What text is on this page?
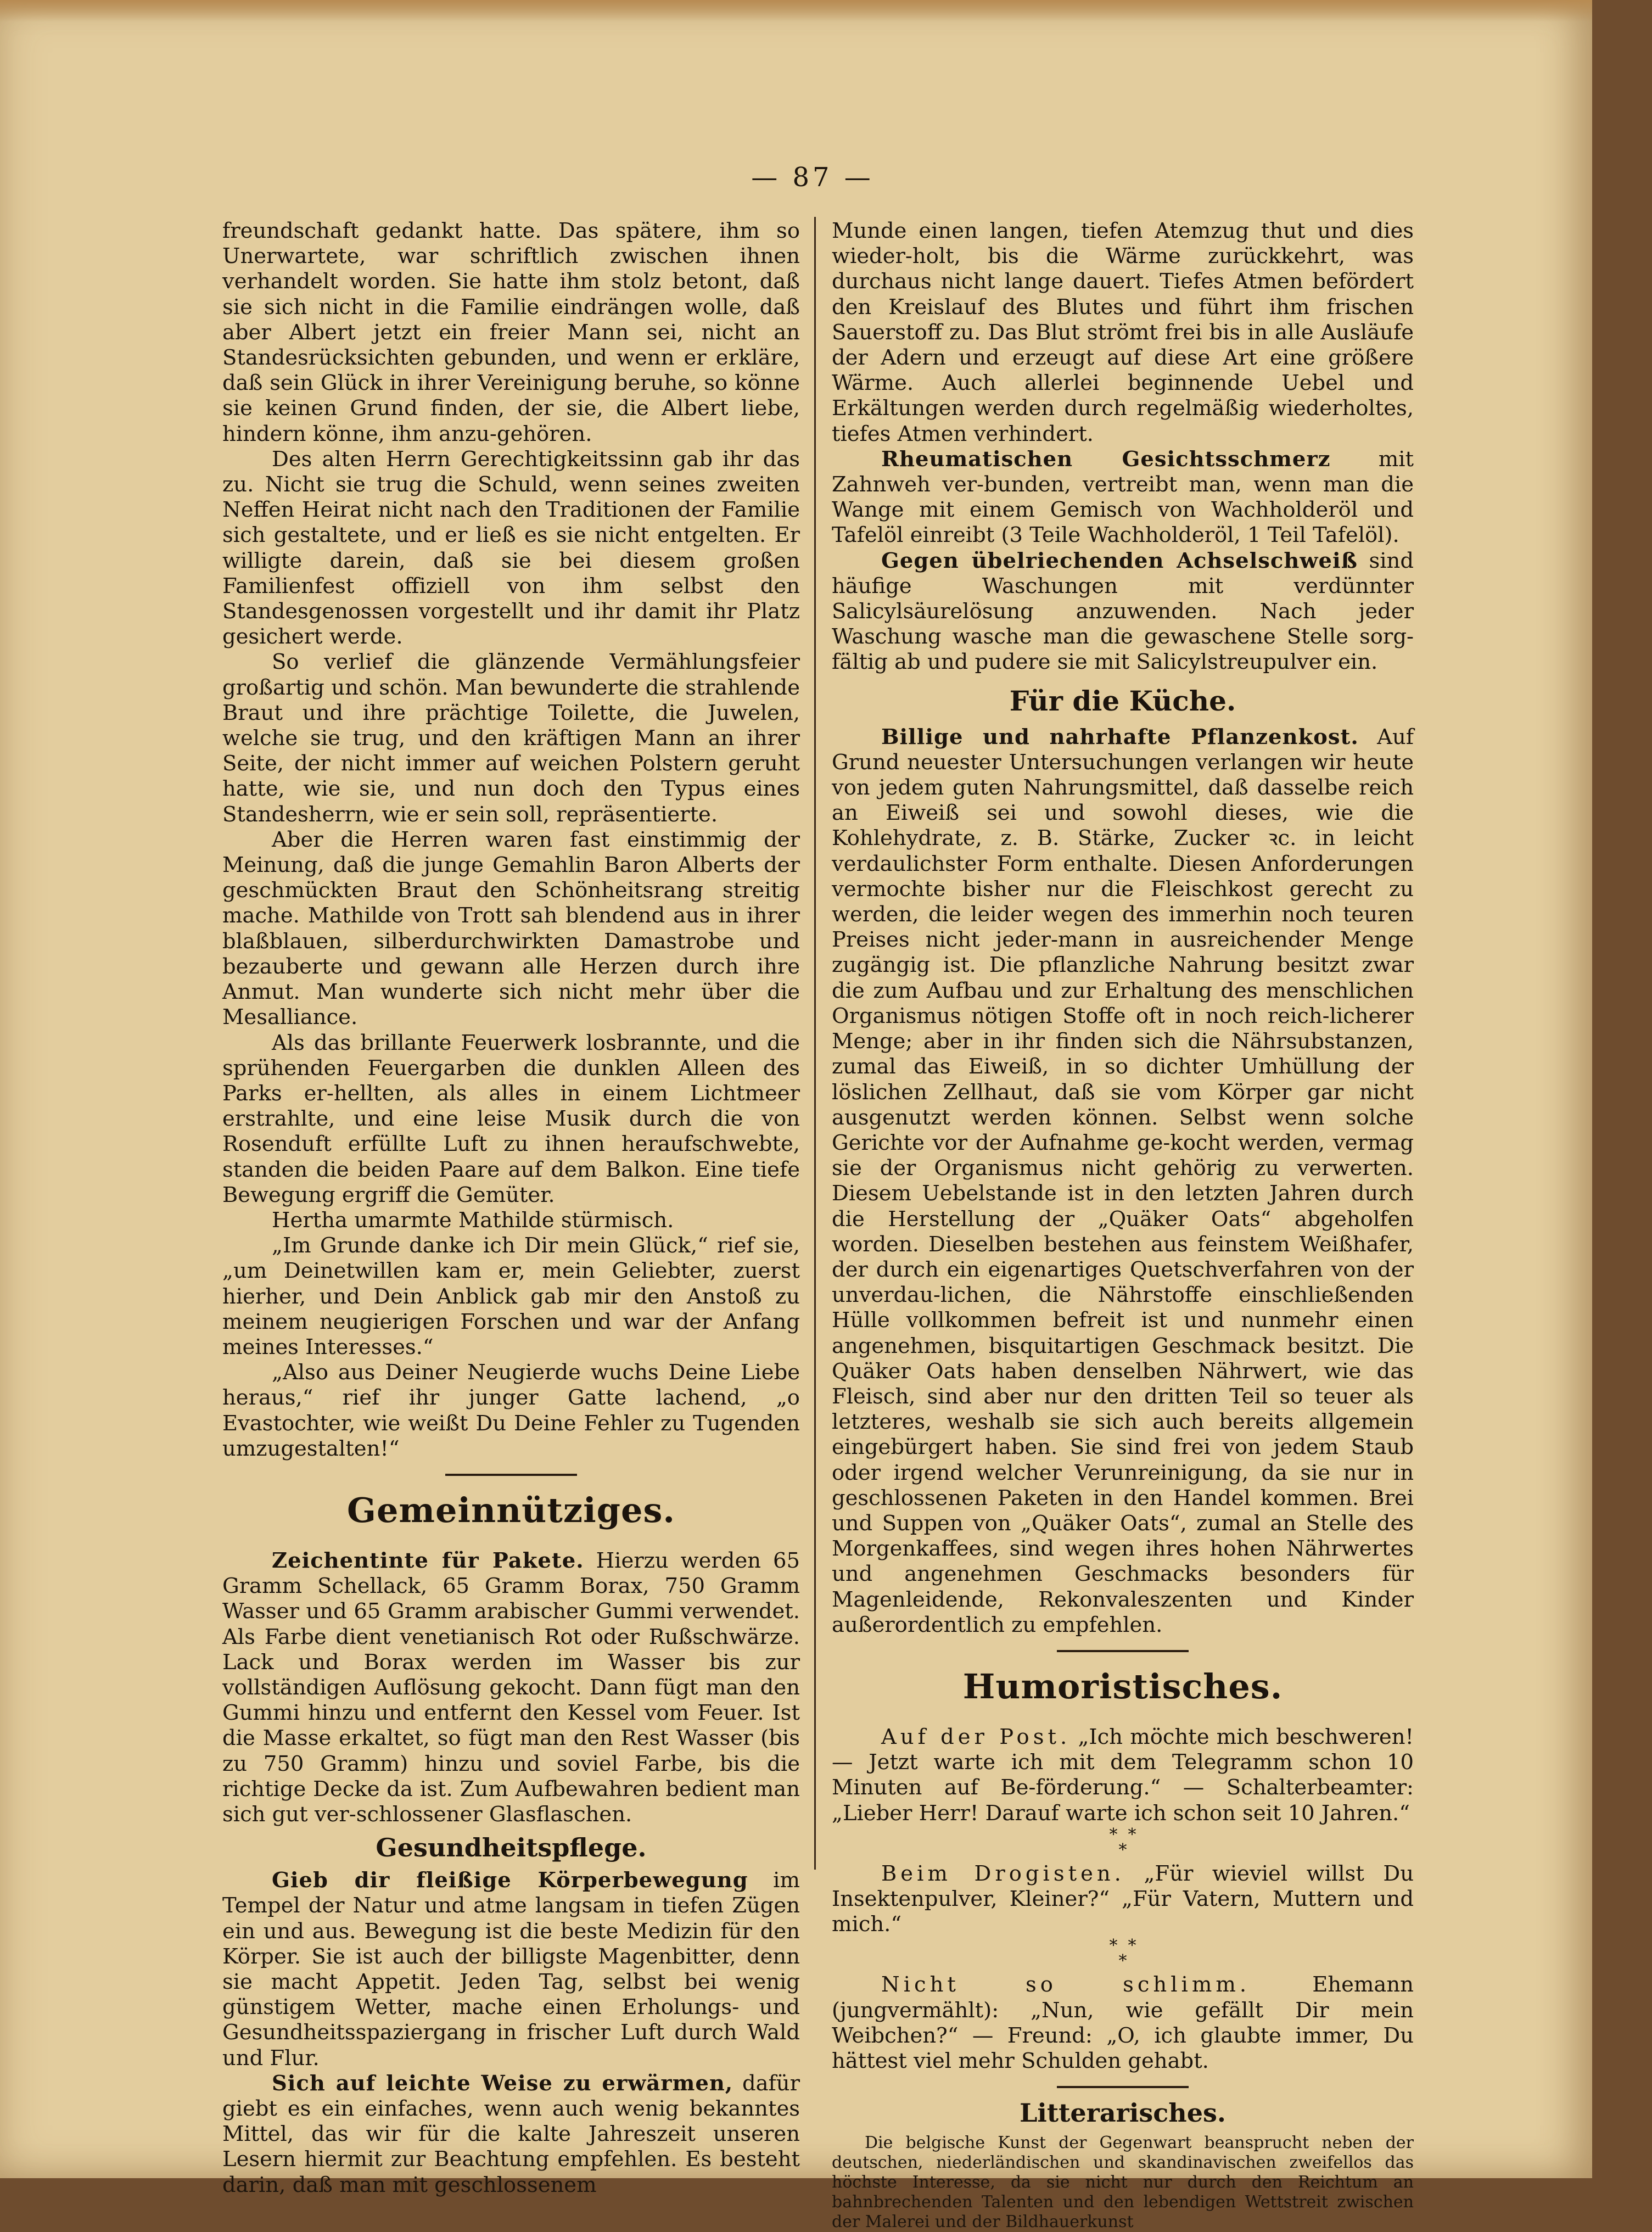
— 87 —

freundschaft gedankt hatte. Das spätere, ihm so Unerwartete, war schriftlich zwischen ihnen verhandelt worden. Sie hatte ihm stolz betont, daß sie sich nicht in die Familie eindrängen wolle, daß aber Albert jetzt ein freier Mann sei, nicht an Standesrücksichten gebunden, und wenn er erkläre, daß sein Glück in ihrer Vereinigung beruhe, so könne sie keinen Grund finden, der sie, die Albert liebe, hindern könne, ihm anzu-gehören.

Des alten Herrn Gerechtigkeitssinn gab ihr das zu. Nicht sie trug die Schuld, wenn seines zweiten Neffen Heirat nicht nach den Traditionen der Familie sich gestaltete, und er ließ es sie nicht entgelten. Er willigte darein, daß sie bei diesem großen Familienfest offiziell von ihm selbst den Standesgenossen vorgestellt und ihr damit ihr Platz gesichert werde.

So verlief die glänzende Vermählungsfeier großartig und schön. Man bewunderte die strahlende Braut und ihre prächtige Toilette, die Juwelen, welche sie trug, und den kräftigen Mann an ihrer Seite, der nicht immer auf weichen Polstern geruht hatte, wie sie, und nun doch den Typus eines Standesherrn, wie er sein soll, repräsentierte.

Aber die Herren waren fast einstimmig der Meinung, daß die junge Gemahlin Baron Alberts der geschmückten Braut den Schönheitsrang streitig mache. Mathilde von Trott sah blendend aus in ihrer blaßblauen, silberdurchwirkten Damastrobe und bezauberte und gewann alle Herzen durch ihre Anmut. Man wunderte sich nicht mehr über die Mesalliance.

Als das brillante Feuerwerk losbrannte, und die sprühenden Feuergarben die dunklen Alleen des Parks er-hellten, als alles in einem Lichtmeer erstrahlte, und eine leise Musik durch die von Rosenduft erfüllte Luft zu ihnen heraufschwebte, standen die beiden Paare auf dem Balkon. Eine tiefe Bewegung ergriff die Gemüter.

Hertha umarmte Mathilde stürmisch.

„Im Grunde danke ich Dir mein Glück,“ rief sie, „um Deinetwillen kam er, mein Geliebter, zuerst hierher, und Dein Anblick gab mir den Anstoß zu meinem neugierigen Forschen und war der Anfang meines Interesses.“

„Also aus Deiner Neugierde wuchs Deine Liebe heraus,“ rief ihr junger Gatte lachend, „o Evastochter, wie weißt Du Deine Fehler zu Tugenden umzugestalten!“

Gemeinnütziges.

Zeichentinte für Pakete. Hierzu werden 65 Gramm Schellack, 65 Gramm Borax, 750 Gramm Wasser und 65 Gramm arabischer Gummi verwendet. Als Farbe dient venetianisch Rot oder Rußschwärze. Lack und Borax werden im Wasser bis zur vollständigen Auflösung gekocht. Dann fügt man den Gummi hinzu und entfernt den Kessel vom Feuer. Ist die Masse erkaltet, so fügt man den Rest Wasser (bis zu 750 Gramm) hinzu und soviel Farbe, bis die richtige Decke da ist. Zum Aufbewahren bedient man sich gut ver-schlossener Glasflaschen.

Gesundheitspflege.

Gieb dir fleißige Körperbewegung im Tempel der Natur und atme langsam in tiefen Zügen ein und aus. Bewegung ist die beste Medizin für den Körper. Sie ist auch der billigste Magenbitter, denn sie macht Appetit. Jeden Tag, selbst bei wenig günstigem Wetter, mache einen Erholungs- und Gesundheitsspaziergang in frischer Luft durch Wald und Flur.

Sich auf leichte Weise zu erwärmen, dafür giebt es ein einfaches, wenn auch wenig bekanntes Mittel, das wir für die kalte Jahreszeit unseren Lesern hiermit zur Beachtung empfehlen. Es besteht darin, daß man mit geschlossenem

Munde einen langen, tiefen Atemzug thut und dies wieder-holt, bis die Wärme zurückkehrt, was durchaus nicht lange dauert. Tiefes Atmen befördert den Kreislauf des Blutes und führt ihm frischen Sauerstoff zu. Das Blut strömt frei bis in alle Ausläufe der Adern und erzeugt auf diese Art eine größere Wärme. Auch allerlei beginnende Uebel und Erkältungen werden durch regelmäßig wiederholtes, tiefes Atmen verhindert.

Rheumatischen Gesichtsschmerz mit Zahnweh ver-bunden, vertreibt man, wenn man die Wange mit einem Gemisch von Wachholderöl und Tafelöl einreibt (3 Teile Wachholderöl, 1 Teil Tafelöl).

Gegen übelriechenden Achselschweiß sind häufige Waschungen mit verdünnter Salicylsäurelösung anzuwenden. Nach jeder Waschung wasche man die gewaschene Stelle sorg-fältig ab und pudere sie mit Salicylstreupulver ein.

Für die Küche.

Billige und nahrhafte Pflanzenkost. Auf Grund neuester Untersuchungen verlangen wir heute von jedem guten Nahrungsmittel, daß dasselbe reich an Eiweiß sei und sowohl dieses, wie die Kohlehydrate, z. B. Stärke, Zucker ꝛc. in leicht verdaulichster Form enthalte. Diesen Anforderungen vermochte bisher nur die Fleischkost gerecht zu werden, die leider wegen des immerhin noch teuren Preises nicht jeder-mann in ausreichender Menge zugängig ist. Die pflanzliche Nahrung besitzt zwar die zum Aufbau und zur Erhaltung des menschlichen Organismus nötigen Stoffe oft in noch reich-licherer Menge; aber in ihr finden sich die Nährsubstanzen, zumal das Eiweiß, in so dichter Umhüllung der löslichen Zellhaut, daß sie vom Körper gar nicht ausgenutzt werden können. Selbst wenn solche Gerichte vor der Aufnahme ge-kocht werden, vermag sie der Organismus nicht gehörig zu verwerten. Diesem Uebelstande ist in den letzten Jahren durch die Herstellung der „Quäker Oats“ abgeholfen worden. Dieselben bestehen aus feinstem Weißhafer, der durch ein eigenartiges Quetschverfahren von der unverdau-lichen, die Nährstoffe einschließenden Hülle vollkommen befreit ist und nunmehr einen angenehmen, bisquitartigen Geschmack besitzt. Die Quäker Oats haben denselben Nährwert, wie das Fleisch, sind aber nur den dritten Teil so teuer als letzteres, weshalb sie sich auch bereits allgemein eingebürgert haben. Sie sind frei von jedem Staub oder irgend welcher Verunreinigung, da sie nur in geschlossenen Paketen in den Handel kommen. Brei und Suppen von „Quäker Oats“, zumal an Stelle des Morgenkaffees, sind wegen ihres hohen Nährwertes und angenehmen Geschmacks besonders für Magenleidende, Rekonvaleszenten und Kinder außerordentlich zu empfehlen.

Humoristisches.

Auf der Post. „Ich möchte mich beschweren! — Jetzt warte ich mit dem Telegramm schon 10 Minuten auf Be-förderung.“ — Schalterbeamter: „Lieber Herr! Darauf warte ich schon seit 10 Jahren.“

*  *
*

Beim Drogisten. „Für wieviel willst Du Insektenpulver, Kleiner?“ „Für Vatern, Muttern und mich.“

*  *
*

Nicht so schlimm.	Ehemann (jungvermählt): „Nun, wie gefällt Dir mein Weibchen?“ — Freund: „O, ich glaubte immer, Du hättest viel mehr Schulden gehabt.

Litterarisches.

Die belgische Kunst der Gegenwart beansprucht neben der deutschen, niederländischen und skandinavischen zweifellos das höchste Interesse, da sie nicht nur durch den Reichtum an bahnbrechenden Talenten und den lebendigen Wettstreit zwischen der Malerei und der Bildhauerkunst
